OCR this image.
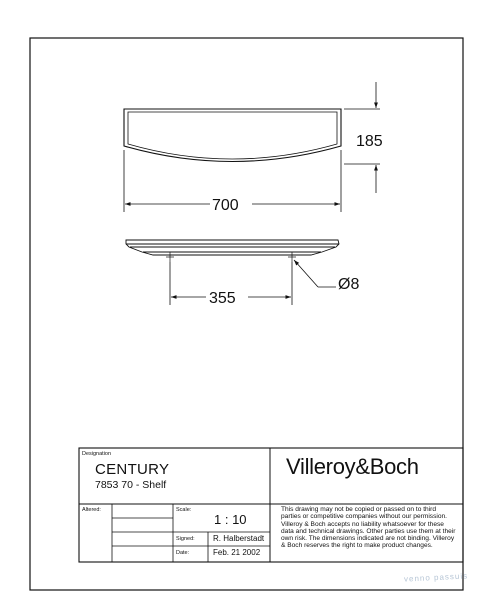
185
700
Ø8
355
Designation
CENTURY
7853 70 - Shelf
Villeroy&Boch
Altered:	Scale:
1 : 10
Signed: R. Halberstadt
Date:	Feb. 21 2002
This drawing may not be copied or passed on to third parties or competitive companies without our permission. Villeroy & Boch accepts no liability whatsoever for these data and technical drawings. Other parties use them at their own risk. The dimensions indicated are not binding. Villeroy & Boch reserves the right to make product changes.
venno passuis
